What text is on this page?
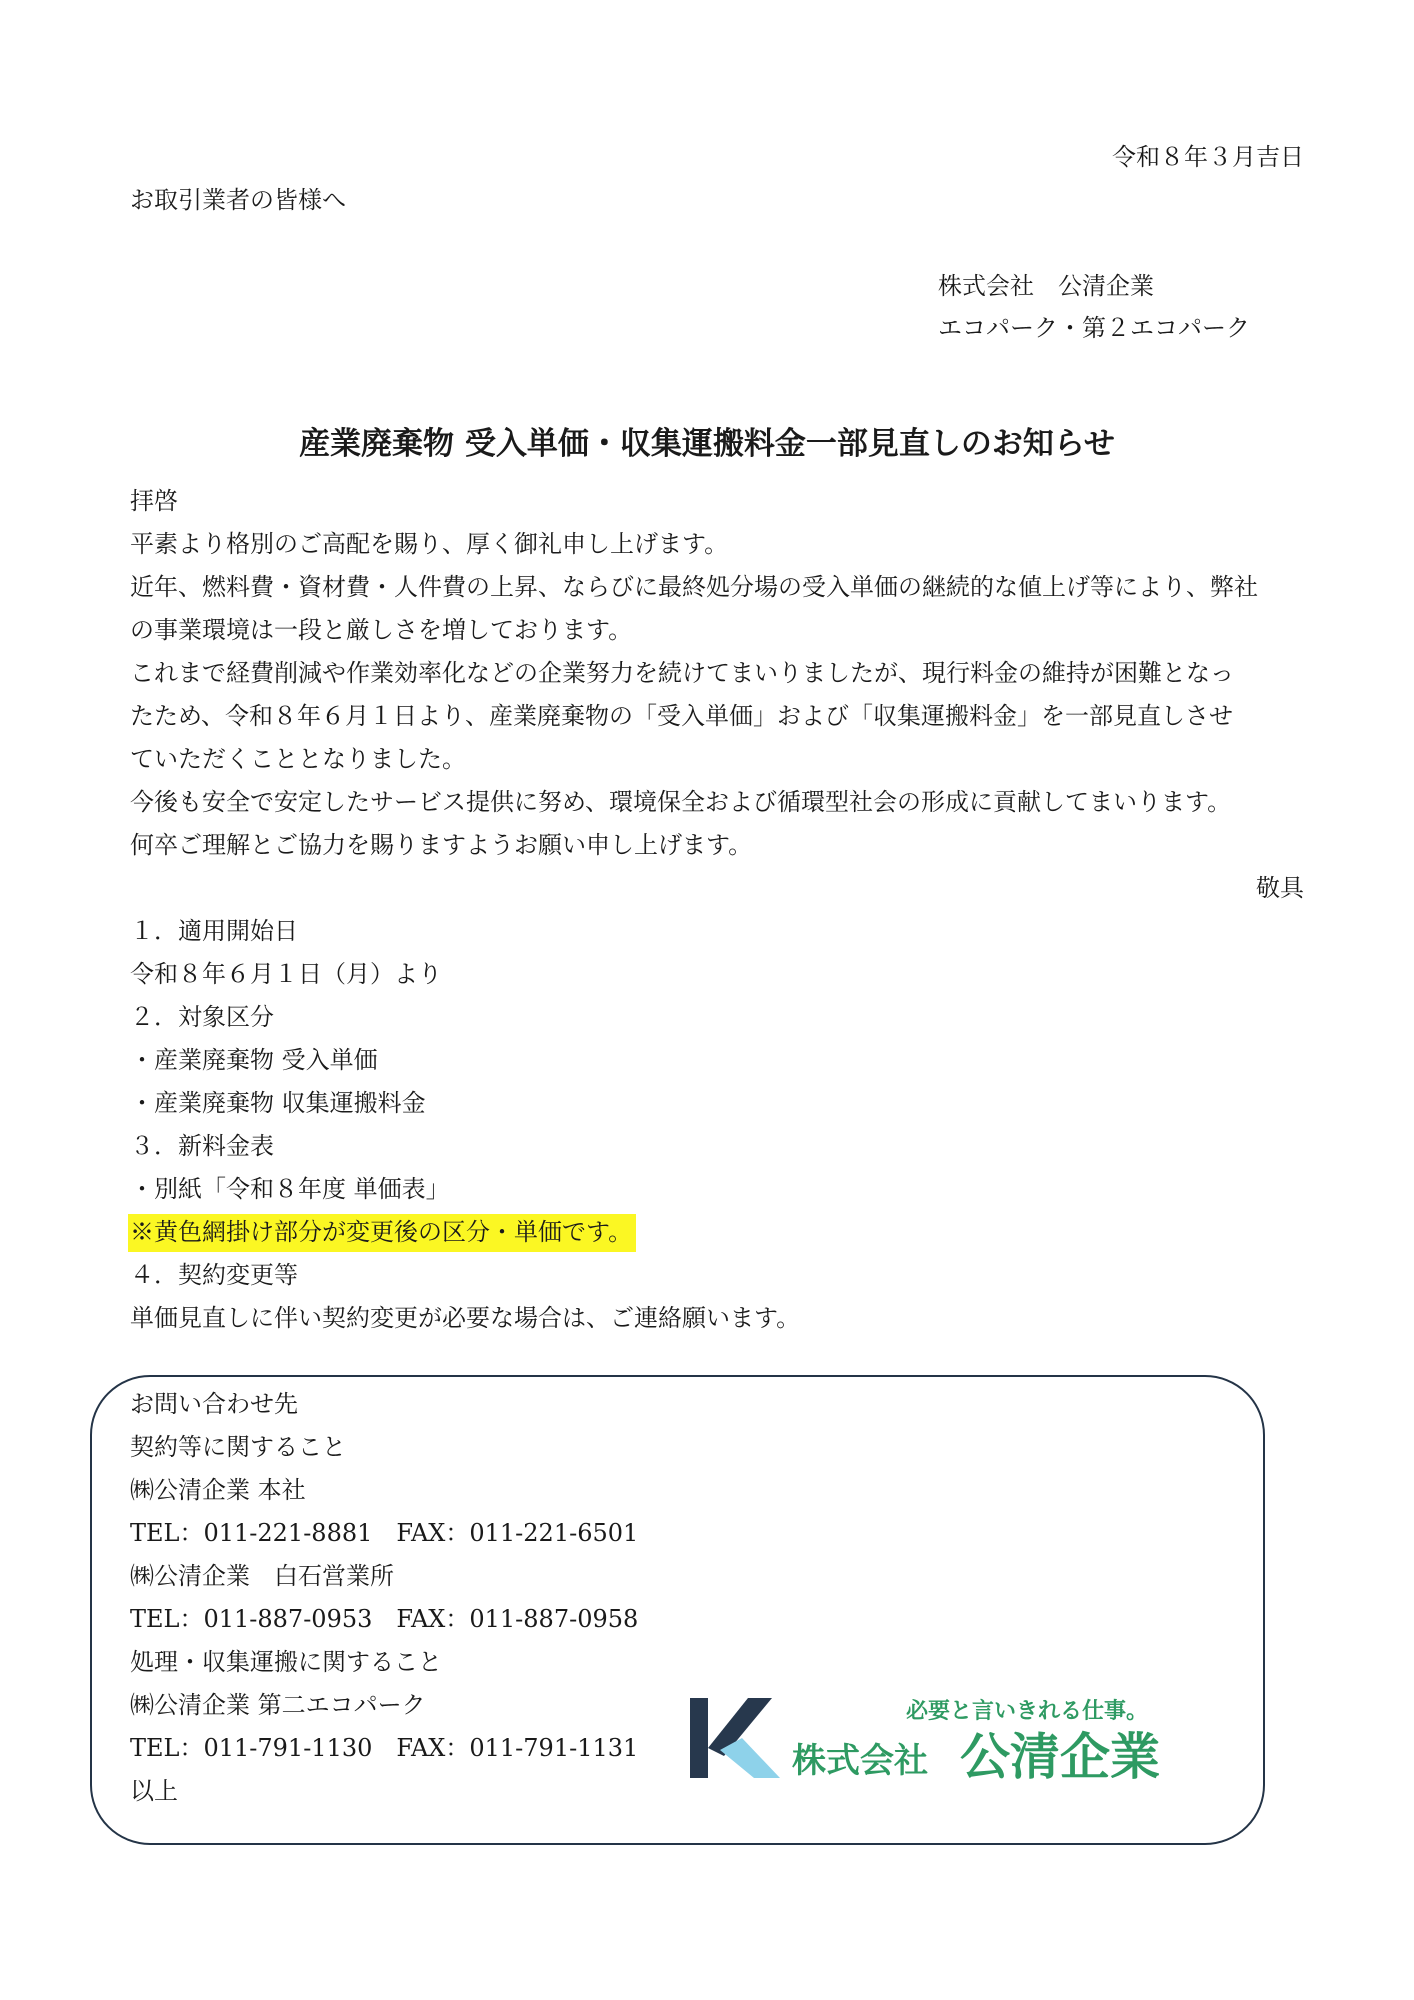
令和８年３月吉日
お取引業者の皆様へ
株式会社　公清企業
エコパーク・第２エコパーク
産業廃棄物 受入単価・収集運搬料金一部見直しのお知らせ
拝啓
平素より格別のご高配を賜り、厚く御礼申し上げます。
近年、燃料費・資材費・人件費の上昇、ならびに最終処分場の受入単価の継続的な値上げ等により、弊社
の事業環境は一段と厳しさを増しております。
これまで経費削減や作業効率化などの企業努力を続けてまいりましたが、現行料金の維持が困難となっ
たため、令和８年６月１日より、産業廃棄物の「受入単価」および「収集運搬料金」を一部見直しさせ
ていただくこととなりました。
今後も安全で安定したサービス提供に努め、環境保全および循環型社会の形成に貢献してまいります。
何卒ご理解とご協力を賜りますようお願い申し上げます。
敬具
１．適用開始日
令和８年６月１日（月）より
２．対象区分
・産業廃棄物 受入単価
・産業廃棄物 収集運搬料金
３．新料金表
・別紙「令和８年度 単価表」
※黄色網掛け部分が変更後の区分・単価です。
４．契約変更等
単価見直しに伴い契約変更が必要な場合は、ご連絡願います。
お問い合わせ先
契約等に関すること
㈱公清企業 本社
TEL：011-221-8881　FAX：011-221-6501
㈱公清企業　白石営業所
TEL：011-887-0953　FAX：011-887-0958
処理・収集運搬に関すること
㈱公清企業 第二エコパーク
TEL：011-791-1130　FAX：011-791-1131
以上
必要と言いきれる仕事。
株式会社 公清企業
